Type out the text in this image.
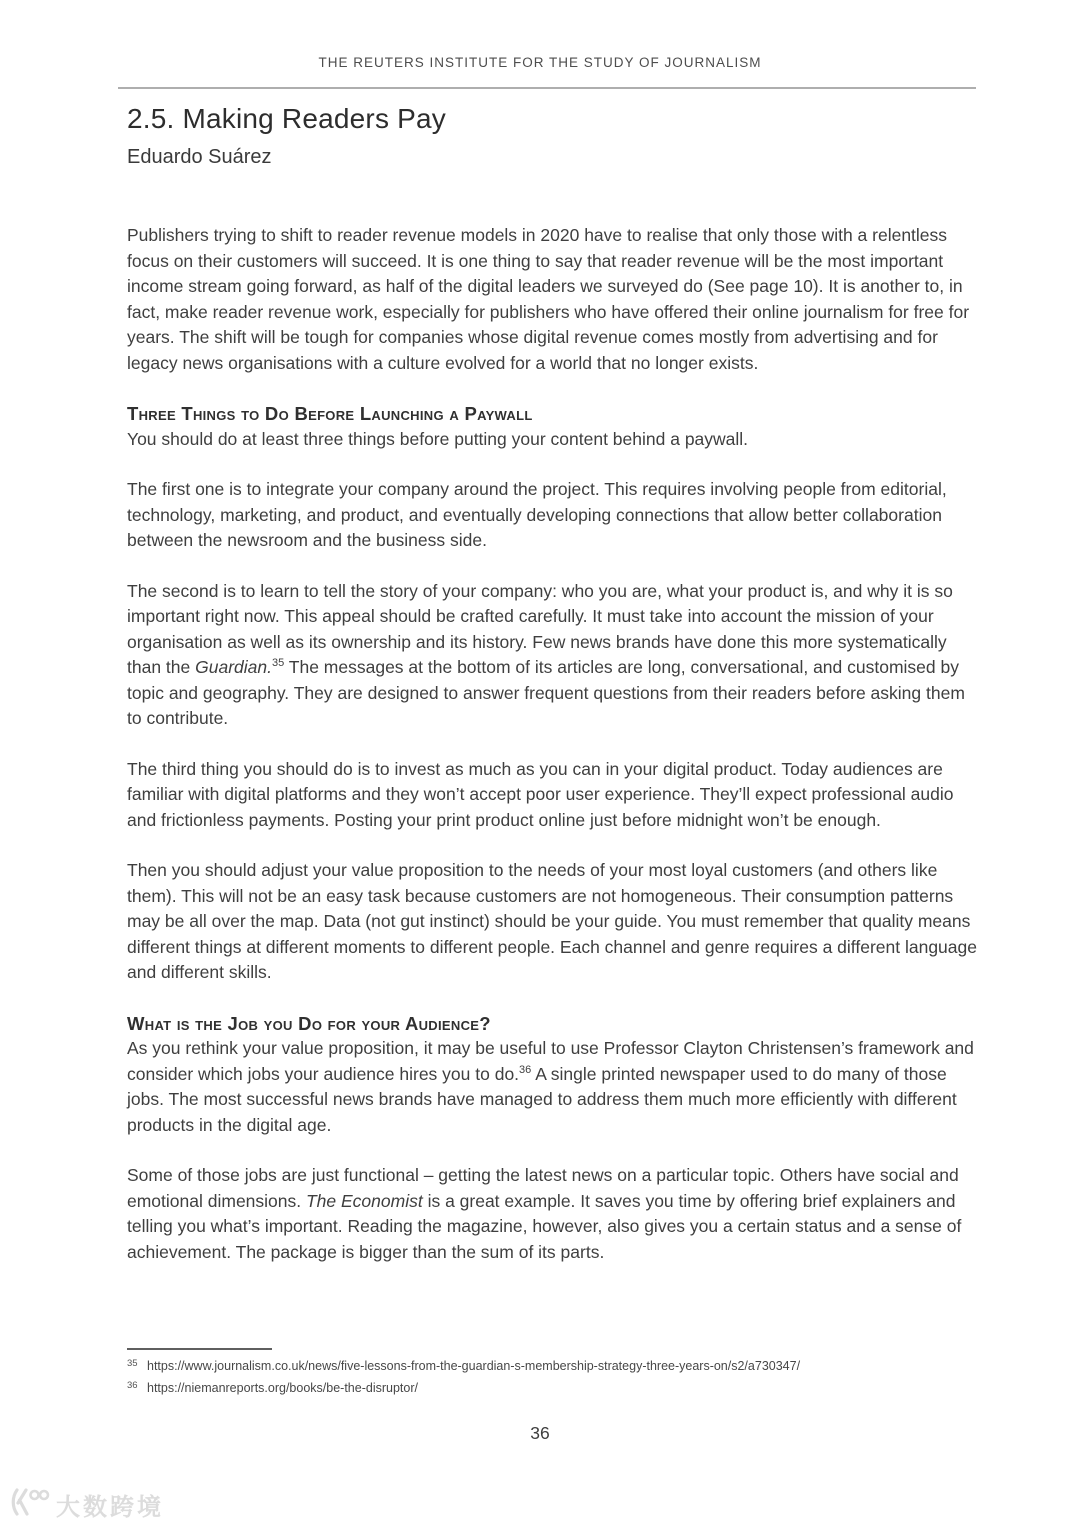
THE REUTERS INSTITUTE FOR THE STUDY OF JOURNALISM
2.5. Making Readers Pay
Eduardo Suárez

Publishers trying to shift to reader revenue models in 2020 have to realise that only those with a relentless focus on their customers will succeed. It is one thing to say that reader revenue will be the most important income stream going forward, as half of the digital leaders we surveyed do (See page 10). It is another to, in fact, make reader revenue work, especially for publishers who have offered their online journalism for free for years. The shift will be tough for companies whose digital revenue comes mostly from advertising and for legacy news organisations with a culture evolved for a world that no longer exists.

Three Things to Do Before Launching a Paywall

You should do at least three things before putting your content behind a paywall.

The first one is to integrate your company around the project. This requires involving people from editorial, technology, marketing, and product, and eventually developing connections that allow better collaboration between the newsroom and the business side.

The second is to learn to tell the story of your company: who you are, what your product is, and why it is so important right now. This appeal should be crafted carefully. It must take into account the mission of your organisation as well as its ownership and its history. Few news brands have done this more systematically than the Guardian.$^{35}$ The messages at the bottom of its articles are long, conversational, and customised by topic and geography. They are designed to answer frequent questions from their readers before asking them to contribute.

The third thing you should do is to invest as much as you can in your digital product. Today audiences are familiar with digital platforms and they won’t accept poor user experience. They’ll expect professional audio and frictionless payments. Posting your print product online just before midnight won’t be enough.

Then you should adjust your value proposition to the needs of your most loyal customers (and others like them). This will not be an easy task because customers are not homogeneous. Their consumption patterns may be all over the map. Data (not gut instinct) should be your guide. You must remember that quality means different things at different moments to different people. Each channel and genre requires a different language and different skills.

What is the Job you Do for your Audience?

As you rethink your value proposition, it may be useful to use Professor Clayton Christensen’s framework and consider which jobs your audience hires you to do.$^{36}$ A single printed newspaper used to do many of those jobs. The most successful news brands have managed to address them much more efficiently with different products in the digital age.

Some of those jobs are just functional – getting the latest news on a particular topic. Others have social and emotional dimensions. The Economist is a great example. It saves you time by offering brief explainers and telling you what’s important. Reading the magazine, however, also gives you a certain status and a sense of achievement. The package is bigger than the sum of its parts.

35 https://www.journalism.co.uk/news/five-lessons-from-the-guardian-s-membership-strategy-three-years-on/s2/a730347/
36 https://niemanreports.org/books/be-the-disruptor/
36
大数跨境
